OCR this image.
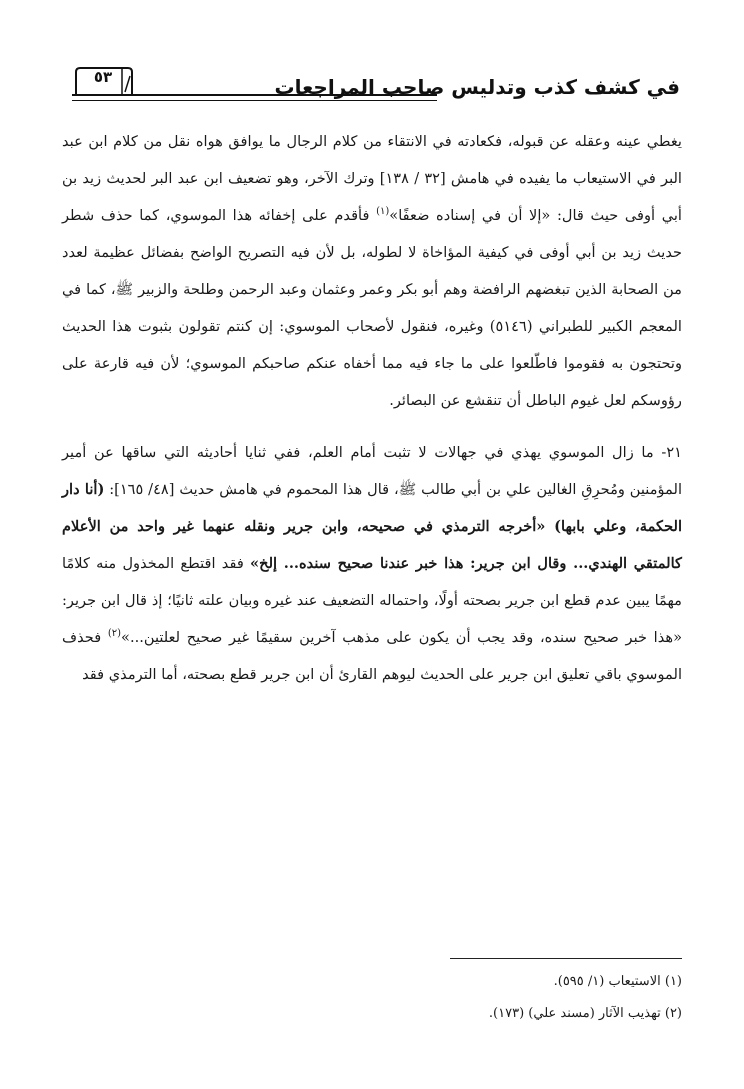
في كشف كذب وتدليس صاحب المراجعات
٥٣

يغطي عينه وعقله عن قبوله، فكعادته في الانتقاء من كلام الرجال ما يوافق هواه نقل من كلام ابن عبد البر في الاستيعاب ما يفيده في هامش [٣٢ / ١٣٨] وترك الآخر، وهو تضعيف ابن عبد البر لحديث زيد بن أبي أوفى حيث قال: «إلا أن في إسناده ضعفًا»$^{(١)}$ فأقدم على إخفائه هذا الموسوي، كما حذف شطر حديث زيد بن أبي أوفى في كيفية المؤاخاة لا لطوله، بل لأن فيه التصريح الواضح بفضائل عظيمة لعدد من الصحابة الذين تبغضهم الرافضة وهم أبو بكر وعمر وعثمان وعبد الرحمن وطلحة والزبير ﷺ، كما في المعجم الكبير للطبراني (٥١٤٦) وغيره، فنقول لأصحاب الموسوي: إن كنتم تقولون بثبوت هذا الحديث وتحتجون به فقوموا فاطّلعوا على ما جاء فيه مما أخفاه عنكم صاحبكم الموسوي؛ لأن فيه قارعة على رؤوسكم لعل غيوم الباطل أن تنقشع عن البصائر.

٢١- ما زال الموسوي يهذي في جهالات لا تثبت أمام العلم، ففي ثنايا أحاديثه التي ساقها عن أمير المؤمنين ومُحرِقِ الغالين علي بن أبي طالب ﷺ، قال هذا المحموم في هامش حديث [٤٨/ ١٦٥]: (أنا دار الحكمة، وعلي بابها) «أخرجه الترمذي في صحيحه، وابن جرير ونقله عنهما غير واحد من الأعلام كالمتقي الهندي... وقال ابن جرير: هذا خبر عندنا صحيح سنده... إلخ» فقد اقتطع المخذول منه كلامًا مهمًا يبين عدم قطع ابن جرير بصحته أولًا، واحتماله التضعيف عند غيره وبيان علته ثانيًا؛ إذ قال ابن جرير: «هذا خبر صحيح سنده، وقد يجب أن يكون على مذهب آخرين سقيمًا غير صحيح لعلتين...»$^{(٢)}$ فحذف الموسوي باقي تعليق ابن جرير على الحديث ليوهم القارئ أن ابن جرير قطع بصحته، أما الترمذي فقد

(١) الاستيعاب (١/ ٥٩٥).

(٢) تهذيب الآثار (مسند علي) (١٧٣).
